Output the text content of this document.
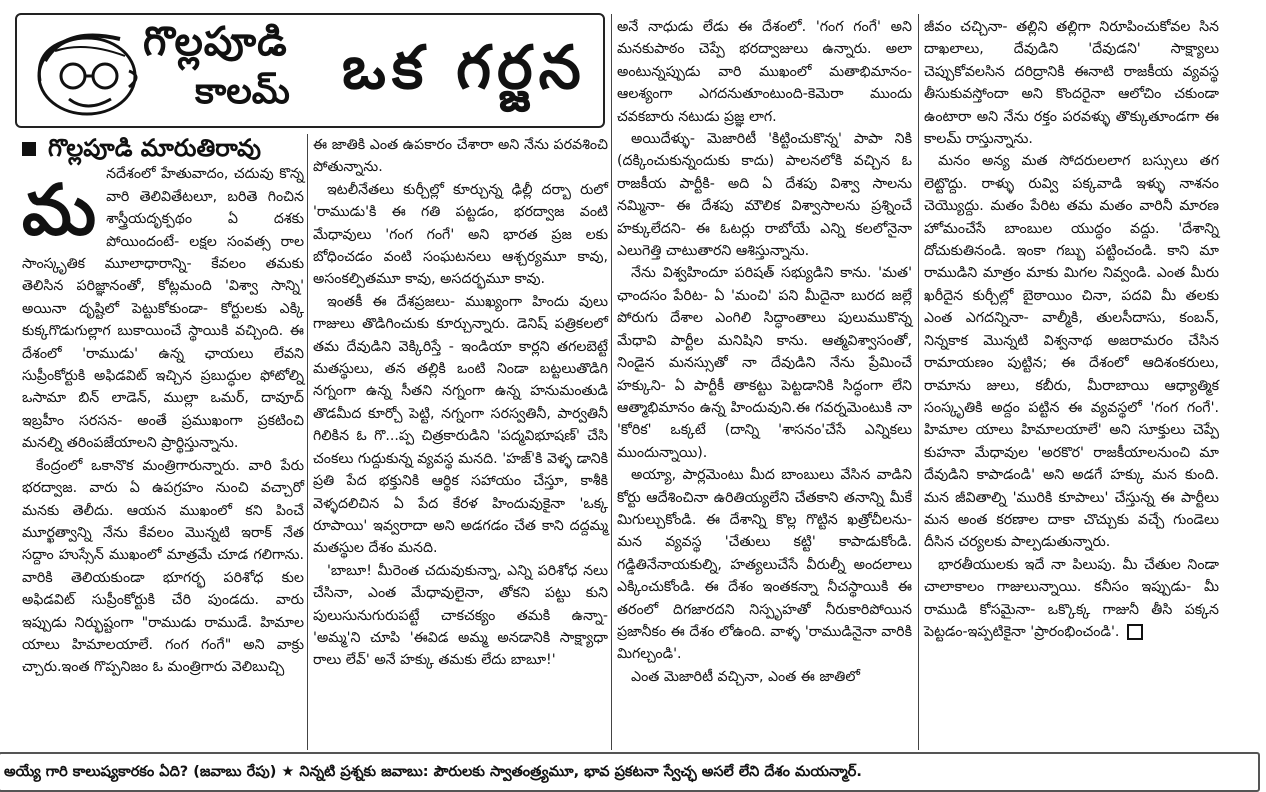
గొల్లపూడి
కాలమ్ ఒక గర్జన
గొల్లపూడి మారుతిరావు
మ నదేశంలో హేతువాదం, చదువు కొన్న వారి తెలివితేటలూ, బరితె గించిన శాస్త్రీయదృక్పథం ఏ దశకు పోయిందంటే- లక్షల సంవత్స రాల సాంస్కృతిక మూలాధారాన్ని- కేవలం తమకు తెలిసిన పరిజ్ఞానంతో, కోట్లమంది 'విశ్వా సాన్ని' అయినా దృష్టిలో పెట్టుకోకుండా- కోర్టులకు ఎక్కి కుక్కగొడుగుల్లాగ బుకాయించే స్థాయికి వచ్చింది. ఈ దేశంలో 'రాముడు' ఉన్న ఛాయలు లేవని సుప్రీంకోర్టుకి అఫిడవిట్ ఇచ్చిన ప్రబుద్ధుల ఫోటోల్ని ఒసామా బిన్ లాడెన్, ముల్లా ఒమర్, దావూద్ ఇబ్రహీం సరసన- అంతే ప్రముఖంగా ప్రకటించి మనల్ని తరింపజేయాలని ప్రార్థిస్తున్నాను.

కేంద్రంలో ఒకానొక మంత్రిగారున్నారు. వారి పేరు భరద్వాజ. వారు ఏ ఉపగ్రహం నుంచి వచ్చారో మనకు తెలీదు. ఆయన ముఖంలో కని పించే మూర్ఖత్వాన్ని నేను కేవలం మొన్నటి ఇరాక్ నేత సద్దాం హుస్సేన్ ముఖంలో మాత్రమే చూడ గలిగాను. వారికి తెలియకుండా భూగర్భ పరిశోధ కుల అఫిడవిట్ సుప్రీంకోర్టుకి చేరి పుండదు. వారు ఇప్పుడు నిర్భుష్టంగా "రాముడు రాముడే. హిమాల యాలు హిమాలయాలే. గంగ గంగే" అని వాక్రు చ్చారు.ఇంత గొప్పనిజం ఓ మంత్రిగారు వెలిబుచ్చి

ఈ జాతికి ఎంత ఉపకారం చేశారా అని నేను పరవశించి పోతున్నాను.

ఇటలీనేతలు కుర్చీల్లో కూర్చున్న ఢిల్లీ దర్బా రులో 'రాముడు'కి ఈ గతి పట్టడం, భరద్వాజ వంటి మేధావులు 'గంగ గంగే' అని భారత ప్రజ లకు బోధించడం వంటి సంఘటనలు ఆశ్చర్యమూ కావు, అసంకల్పితమూ కావు, అసదర్భమూ కావు.

ఇంతకీ ఈ దేశప్రజలు- ముఖ్యంగా హిందు వులు గాజులు తొడిగించుకు కూర్చున్నారు. డెనిష్ పత్రికలలో తమ దేవుడిని వెక్కిరిస్తే - ఇండియా కార్లని తగలబెట్టే మతస్థులు, తన తల్లికి ఒంటి నిండా బట్టలుతొడిగి నగ్నంగా ఉన్న సీతని నగ్నంగా ఉన్న హనుమంతుడి తొడమీద కూర్చో పెట్టి, నగ్నంగా సరస్వతినీ, పార్వతినీ గిలికిన ఓ గొ...ప్ప చిత్రకారుడిని 'పద్మవిభూషణ్' చేసి చంకలు గుద్దుకున్న వ్యవస్థ మనది. 'హజ్'కి వెళ్ళ డానికి ప్రతి పేద భక్తునికి ఆర్థిక సహాయం చేస్తూ, కాశీకి వెళ్ళదలిచిన ఏ పేద కేరళ హిందువుకైనా 'ఒక్క రూపాయి' ఇవ్వరాదా అని అడగడం చేత కాని దద్దమ్మ మతస్థుల దేశం మనది.

'బాబూ! మీరెంత చదువుకున్నా, ఎన్ని పరిశోధ నలు చేసినా, ఎంత మేధావులైనా, తోకని పట్టు కుని పులుసునుగురుపట్టే చాకచక్యం తమకి ఉన్నా- 'అమ్మ'ని చూపి 'ఈవిడ అమ్మ అనడానికి సాక్ష్యాధా రాలు లేవ్' అనే హక్కు తమకు లేదు బాబూ!'

అనే నాధుడు లేడు ఈ దేశంలో. 'గంగ గంగే' అని మనకుపాఠం చెప్పే భరద్వాజులు ఉన్నారు. అలా అంటున్నప్పుడు వారి ముఖంలో మతాభిమానం- ఆలశ్యంగా ఎగదనుతూంటుంది-కెమెరా ముందు చవకబారు నటుడు ప్రజ్ఞ లాగ.

అయిదేళ్ళు- మెజారిటీ 'కిట్టించుకొన్న' పాపా నికి (దక్కించుకున్నందుకు కాదు) పాలనలోకి వచ్చిన ఓ రాజకీయ పార్టీకి- అది ఏ దేశపు విశ్వా సాలను నమ్మినా- ఈ దేశపు మౌలిక విశ్వాసాలను ప్రశ్నించే హక్కులేదని- ఈ ఓటర్లు రాబోయే ఎన్ని కలలోనైనా ఎలుగెత్తి చాటుతారని ఆశిస్తున్నాను.

నేను విశ్వహిందూ పరిషత్ సభ్యుడిని కాను. 'మత' ఛాందసం పేరిట- ఏ 'మంచి' పని మీదైనా బురద జల్లే పోరుగు దేశాల ఎంగిలి సిద్ధాంతాలు పులుముకొన్న మేధావి పార్టీల మనిషిని కాను. ఆత్మవిశ్వాసంతో, నిండైన మనస్సుతో నా దేవుడిని నేను ప్రేమించే హక్కుని- ఏ పార్టీకీ తాకట్టు పెట్టడానికి సిద్ధంగా లేని ఆత్మాభిమానం ఉన్న హిందువుని.ఈ గవర్నమెంటుకి నా 'కోరిక' ఒక్కటే (దాన్ని 'శాసనం'చేసే ఎన్నికలు ముందున్నాయి).

అయ్యా, పార్లమెంటు మీద బాంబులు వేసిన వాడిని కోర్టు ఆదేశించినా ఉరితియ్యలేని చేతకాని తనాన్ని మీకే మిగుల్చుకోండి. ఈ దేశాన్ని కొల్ల గొట్టిన ఖత్రోచీలను- మన వ్యవస్థ 'చేతులు కట్టి' కాపాడుకోండి. గడ్డితినేనాయకుల్ని, హత్యలుచేసే వీరుల్నీ అందలాలు ఎక్కించుకోండి. ఈ దేశం ఇంతకన్నా నీచస్థాయికి ఈ తరంలో దిగజారదని నిస్పృహతో నీరుకారిపోయిన ప్రజానీకం ఈ దేశం లోఉంది. వాళ్ళ 'రాముడినైనా వారికి మిగల్చండి'.

ఎంత మెజారిటీ వచ్చినా, ఎంత ఈ జాతిలో

జీవం చచ్చినా- తల్లిని తల్లిగా నిరూపించుకోవల సిన దాఖలాలు, దేవుడిని 'దేవుడని' సాక్ష్యాలు చెప్పుకోవలసిన దరిద్రానికి ఈనాటి రాజకీయ వ్యవస్థ తీసుకువస్తోందా అని కొందరైనా ఆలోచిం చకుండా ఉంటారా అని నేను రక్తం పరవళ్ళు తొక్కుతూండగా ఈ కాలమ్ రాస్తున్నాను.

మనం అన్య మత సోదరులలాగ బస్సులు తగ లెట్టొద్దు. రాళ్ళు రువ్వి పక్కవాడి ఇళ్ళు నాశనం చెయ్యొద్దు. మతం పేరిట తమ మతం వారినీ మారణ హోమంచేసే బాంబుల యుద్ధం వద్దు. 'దేశాన్ని దోచుకుతినండి. ఇంకా గబ్బు పట్టించండి. కాని మా రాముడిని మాత్రం మాకు మిగల నివ్వండి. ఎంత మీరు ఖరీదైన కుర్చీల్లో బైఠాయిం చినా, పదవి మీ తలకు ఎంత ఎగదన్నినా- వాల్మీకి, తులసీదాసు, కంబన్, నిన్నకాక మొన్నటి విశ్వనాథ అజరామరం చేసిన రామాయణం పుట్టిన; ఈ దేశంలో ఆదిశంకరులు, రామాను జులు, కబీరు, మీరాబాయి ఆధ్యాత్మిక సంస్కృతికి అద్దం పట్టిన ఈ వ్యవస్థలో 'గంగ గంగే'. హిమాల యాలు హిమాలయాలే' అని సూక్తులు చెప్పే కుహనా మేధావుల 'అరకొర' రాజకీయాలనుంచి మా దేవుడిని కాపాడండి' అని అడగే హక్కు మన కుంది. మన జీవితాల్ని 'మురికి కూపాలు' చేస్తున్న ఈ పార్టీలు మన అంత కరణాల దాకా చొచ్చుకు వచ్చే గుండెలు దీసిన చర్యలకు పాల్పడుతున్నారు.

భారతీయులకు ఇదే నా పిలుపు. మీ చేతుల నిండా చాలాకాలం గాజులున్నాయి. కనీసం ఇప్పుడు- మీ రాముడి కోసమైనా- ఒక్కొక్క గాజునీ తీసి పక్కన పెట్టడం-ఇప్పటికైనా 'ప్రారంభించండి'.

అయ్యే గారి కాలుష్యకారకం ఏది? (జవాబు రేపు) ★ నిన్నటి ప్రశ్నకు జవాబు: పౌరులకు స్వాతంత్ర్యమూ, భావ ప్రకటనా స్వేచ్ఛ అసలే లేని దేశం మయన్మార్.
